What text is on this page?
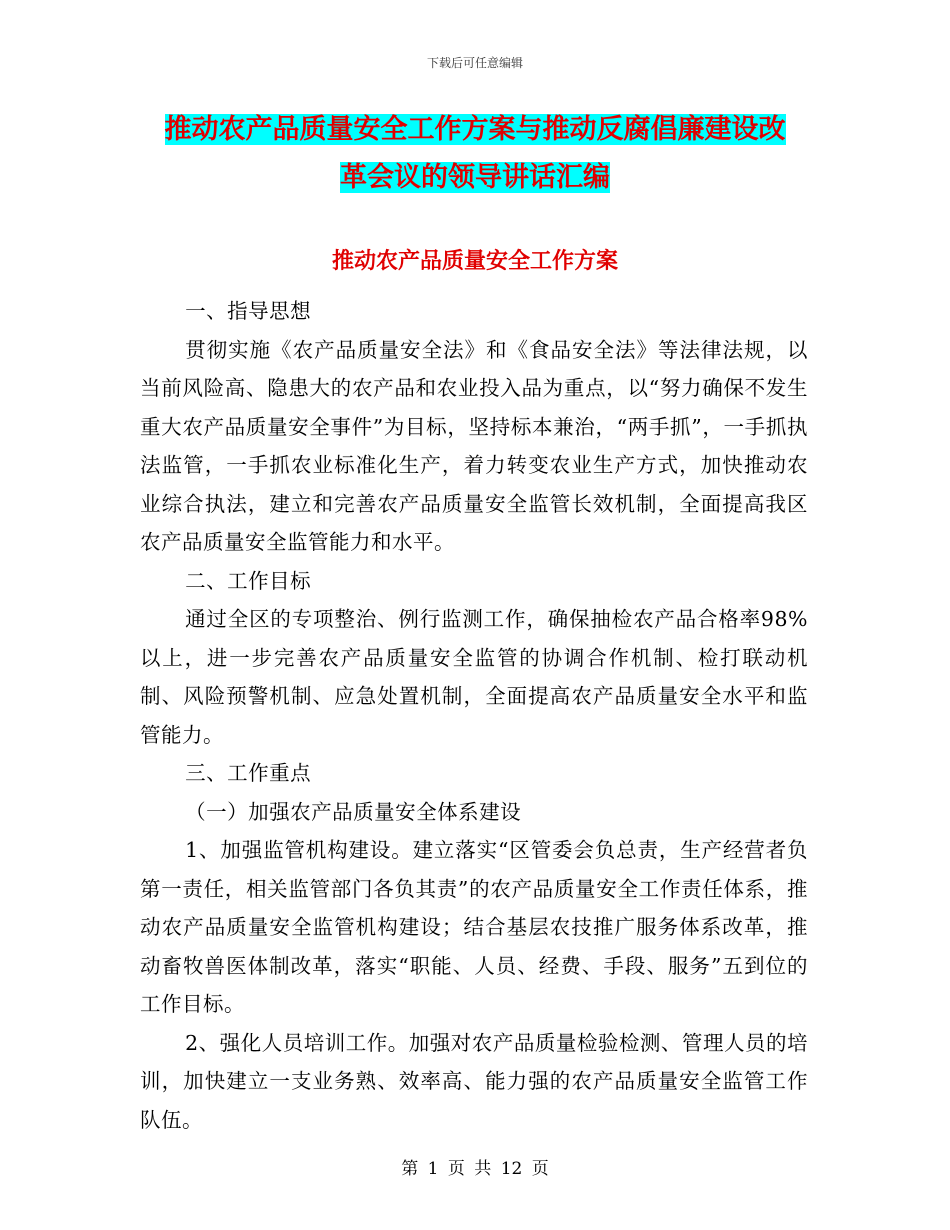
下载后可任意编辑
推动农产品质量安全工作方案与推动反腐倡廉建设改
革会议的领导讲话汇编
推动农产品质量安全工作方案

一、指导思想

贯彻实施《农产品质量安全法》和《食品安全法》等法律法规，以当前风险高、隐患大的农产品和农业投入品为重点，以“努力确保不发生重大农产品质量安全事件”为目标，坚持标本兼治，“两手抓”，一手抓执法监管，一手抓农业标准化生产，着力转变农业生产方式，加快推动农业综合执法，建立和完善农产品质量安全监管长效机制，全面提高我区农产品质量安全监管能力和水平。

二、工作目标

通过全区的专项整治、例行监测工作，确保抽检农产品合格率98%以上，进一步完善农产品质量安全监管的协调合作机制、检打联动机制、风险预警机制、应急处置机制，全面提高农产品质量安全水平和监管能力。

三、工作重点

（一）加强农产品质量安全体系建设

1、加强监管机构建设。建立落实“区管委会负总责，生产经营者负第一责任，相关监管部门各负其责”的农产品质量安全工作责任体系，推动农产品质量安全监管机构建设；结合基层农技推广服务体系改革，推动畜牧兽医体制改革，落实“职能、人员、经费、手段、服务”五到位的工作目标。

2、强化人员培训工作。加强对农产品质量检验检测、管理人员的培训，加快建立一支业务熟、效率高、能力强的农产品质量安全监管工作队伍。

第 1 页 共 12 页
